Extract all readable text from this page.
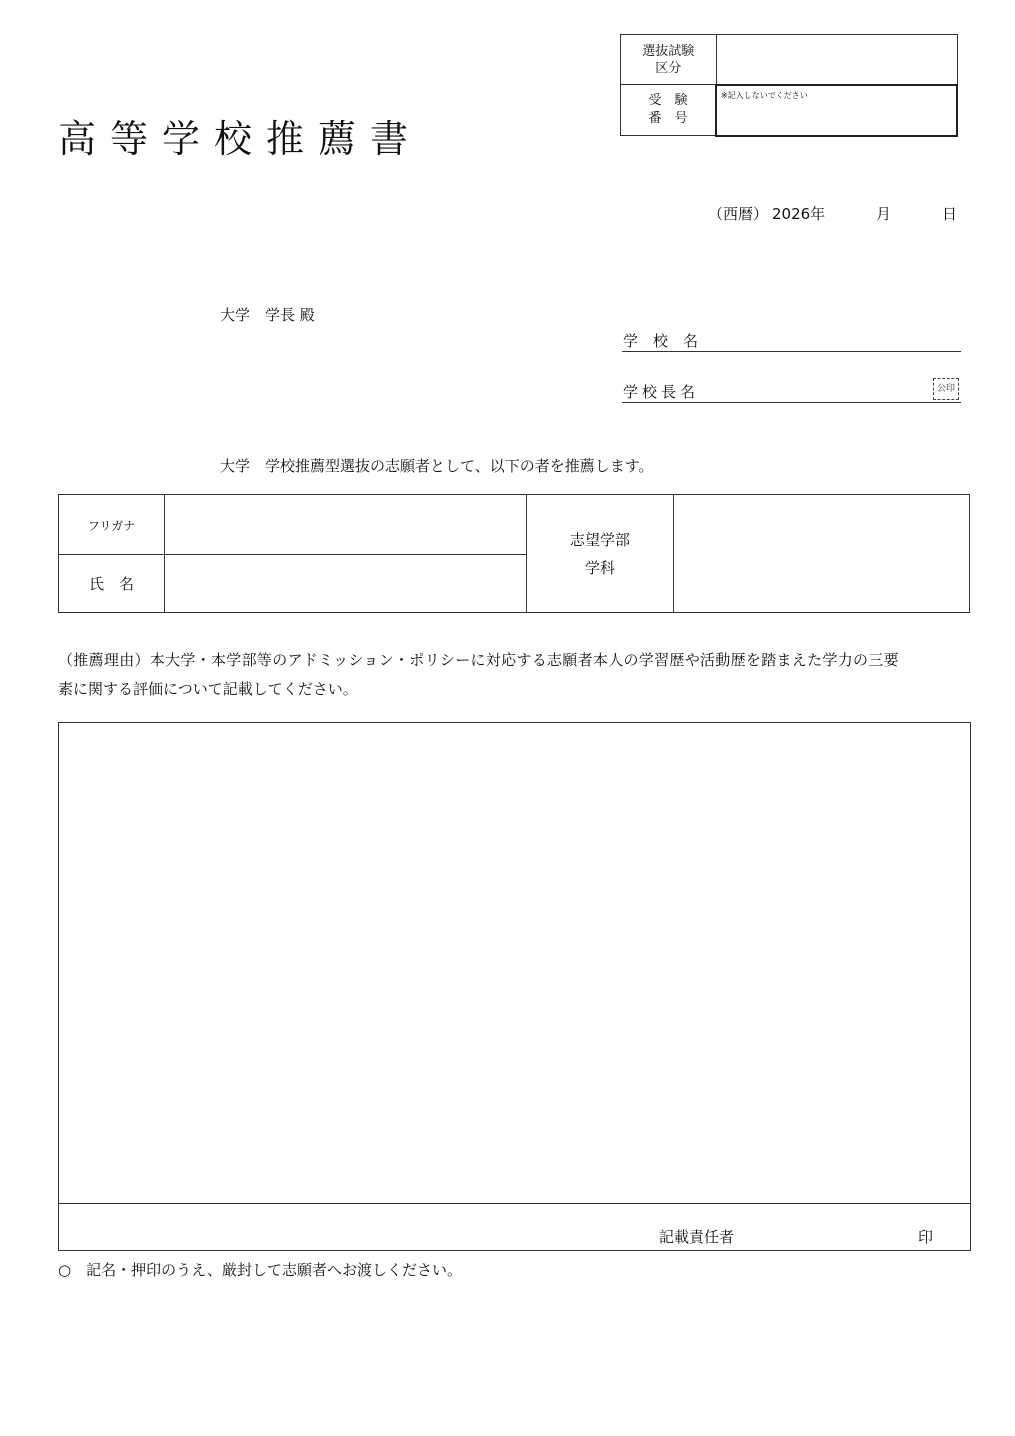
選抜試験
区分	

受　験
番　号	※記入しないでください
高等学校推薦書
（西暦） 2026年	月	日
大学　学長 殿
学　校　名
学校長名	公印
大学　学校推薦型選抜の志願者として、以下の者を推薦します。
フリガナ		志望学部
学科	

氏　名			
（推薦理由）本大学・本学部等のアドミッション・ポリシーに対応する志願者本人の学習歴や活動歴を踏まえた学力の三要
素に関する評価について記載してください。
記載責任者	印
○　記名・押印のうえ、厳封して志願者へお渡しください。
